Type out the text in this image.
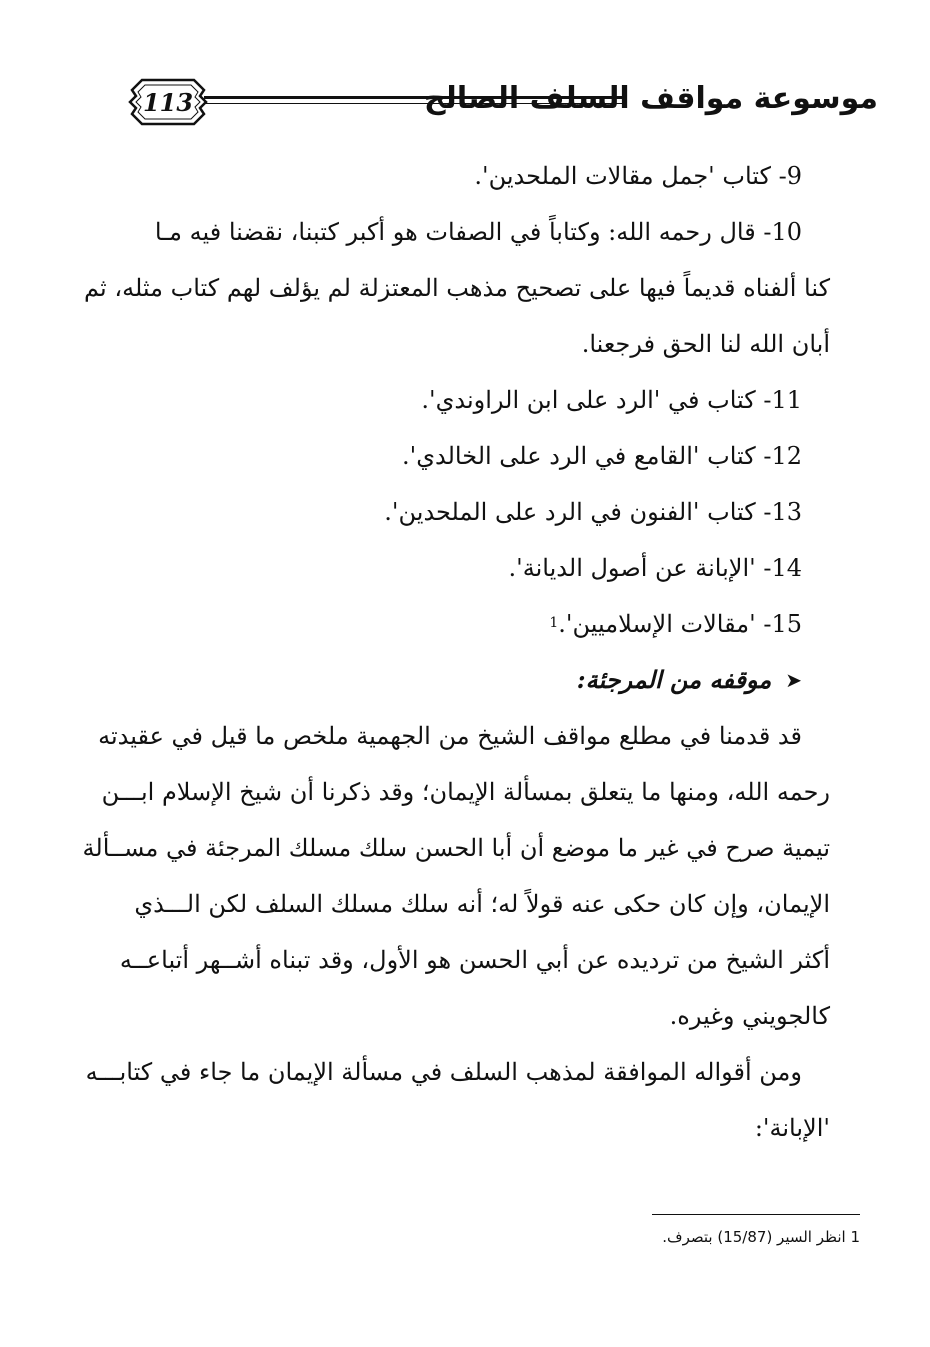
113	موسوعة مواقف السلف الصالح
9- كتاب 'جمل مقالات الملحدين'.
10- قال رحمه الله: وكتاباً في الصفات هو أكبر كتبنا، نقضنا فيه مـا
كنا ألفناه قديماً فيها على تصحيح مذهب المعتزلة لم يؤلف لهم كتاب مثله، ثم
أبان الله لنا الحق فرجعنا.
11- كتاب في 'الرد على ابن الراوندي'.
12- كتاب 'القامع في الرد على الخالدي'.
13- كتاب 'الفنون في الرد على الملحدين'.
14- 'الإبانة عن أصول الديانة'.
15- 'مقالات الإسلاميين'.
1
➤
موقفه من المرجئة:
قد قدمنا في مطلع مواقف الشيخ من الجهمية ملخص ما قيل في عقيدته
رحمه الله، ومنها ما يتعلق بمسألة الإيمان؛ وقد ذكرنا أن شيخ الإسلام ابـــن
تيمية صرح في غير ما موضع أن أبا الحسن سلك مسلك المرجئة في مســألة
الإيمان، وإن كان حكى عنه قولاً له؛ أنه سلك مسلك السلف لكن الـــذي
أكثر الشيخ من ترديده عن أبي الحسن هو الأول، وقد تبناه أشــهر أتباعــه
كالجويني وغيره.
ومن أقواله الموافقة لمذهب السلف في مسألة الإيمان ما جاء في كتابـــه
'الإبانة':
1 انظر السير (15/87) بتصرف.
